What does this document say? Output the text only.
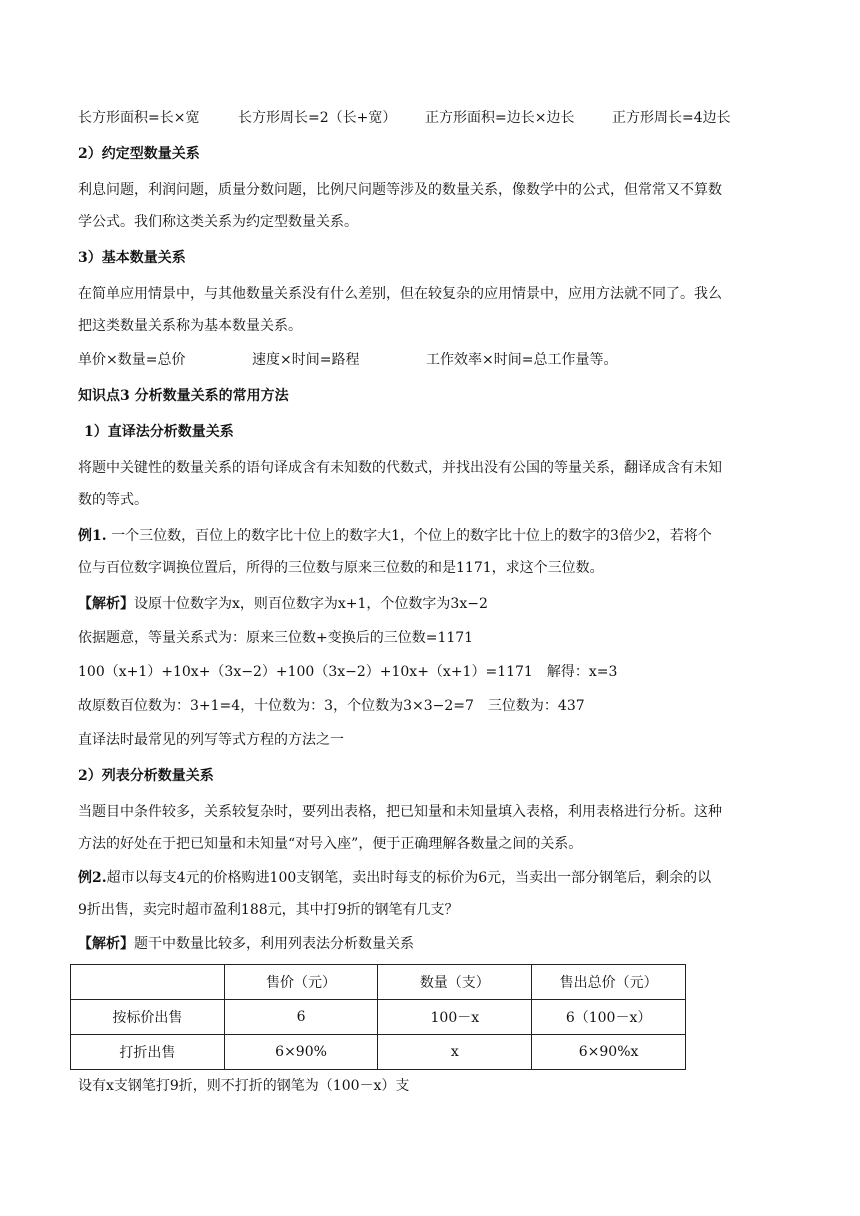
长方形面积=长×宽	长方形周长=2（长+宽） 正方形面积=边长×边长	正方形周长=4边长
2）约定型数量关系
利息问题，利润问题，质量分数问题，比例尺问题等涉及的数量关系，像数学中的公式，但常常又不算数
学公式。我们称这类关系为约定型数量关系。
3）基本数量关系
在简单应用情景中，与其他数量关系没有什么差别，但在较复杂的应用情景中，应用方法就不同了。我么
把这类数量关系称为基本数量关系。
单价×数量=总价	速度×时间=路程	工作效率×时间=总工作量等。
知识点3 分析数量关系的常用方法
1）直译法分析数量关系
将题中关键性的数量关系的语句译成含有未知数的代数式，并找出没有公国的等量关系，翻译成含有未知
数的等式。
例1. 一个三位数，百位上的数字比十位上的数字大1，个位上的数字比十位上的数字的3倍少2，若将个
位与百位数字调换位置后，所得的三位数与原来三位数的和是1171，求这个三位数。
【解析】设原十位数字为x，则百位数字为x+1，个位数字为3x−2
依据题意，等量关系式为：原来三位数+变换后的三位数=1171
100（x+1）+10x+（3x−2）+100（3x−2）+10x+（x+1）=1171　解得：x=3
故原数百位数为：3+1=4，十位数为：3，个位数为3×3−2=7　三位数为：437
直译法时最常见的列写等式方程的方法之一
2）列表分析数量关系
当题目中条件较多，关系较复杂时，要列出表格，把已知量和未知量填入表格，利用表格进行分析。这种
方法的好处在于把已知量和未知量“对号入座”，便于正确理解各数量之间的关系。
例2.超市以每支4元的价格购进100支钢笔，卖出时每支的标价为6元，当卖出一部分钢笔后，剩余的以
9折出售，卖完时超市盈利188元，其中打9折的钢笔有几支？
【解析】题干中数量比较多，利用列表法分析数量关系
	售价（元）	数量（支）	售出总价（元）
按标价出售	6	100－x	6（100－x）
打折出售	6×90%	x	6×90%x
设有x支钢笔打9折，则不打折的钢笔为（100－x）支
